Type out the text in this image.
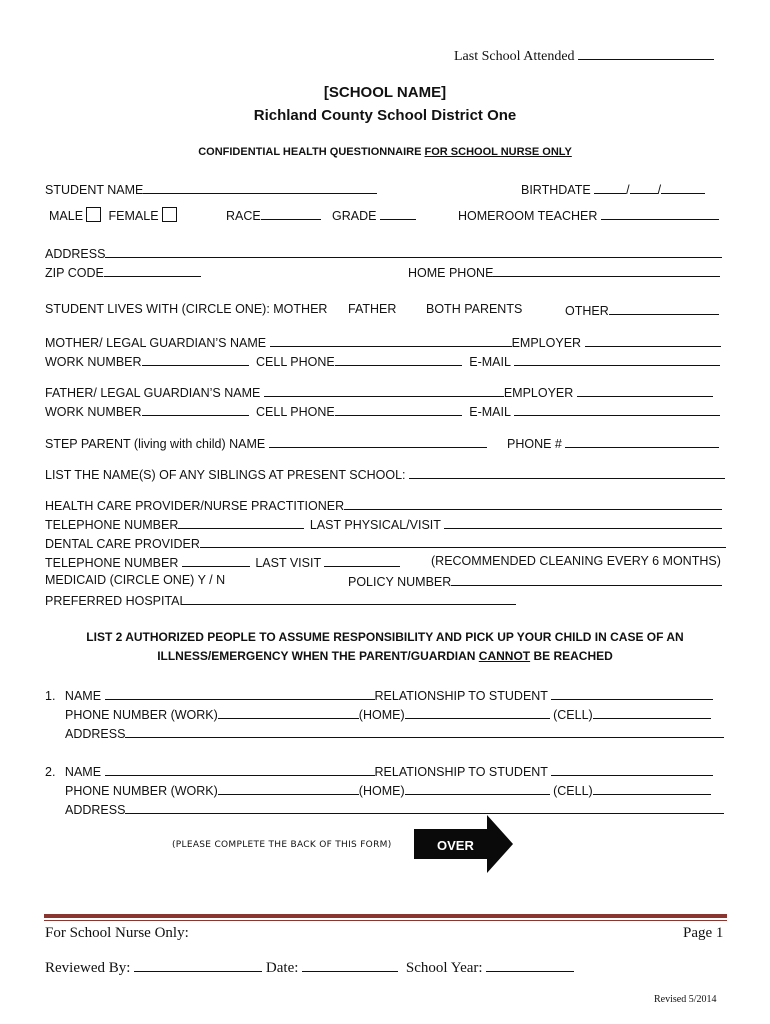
Last School Attended
[SCHOOL NAME]
Richland County School District One
CONFIDENTIAL HEALTH QUESTIONNAIRE FOR SCHOOL NURSE ONLY
STUDENT NAME	BIRTHDATE	/ /
MALE FEMALE	RACE	GRADE	HOMEROOM TEACHER
ADDRESS
ZIP CODE	HOME PHONE
STUDENT LIVES WITH (CIRCLE ONE): MOTHER FATHER BOTH PARENTS	OTHER
MOTHER/ LEGAL GUARDIAN’S NAME	EMPLOYER
WORK NUMBER	CELL PHONE	E-MAIL
FATHER/ LEGAL GUARDIAN’S NAME	EMPLOYER
WORK NUMBER	CELL PHONE	E-MAIL
STEP PARENT (living with child) NAME	PHONE #
LIST THE NAME(S) OF ANY SIBLINGS AT PRESENT SCHOOL:
HEALTH CARE PROVIDER/NURSE PRACTITIONER
TELEPHONE NUMBER	LAST PHYSICAL/VISIT
DENTAL CARE PROVIDER
TELEPHONE NUMBER	LAST VISIT	(RECOMMENDED CLEANING EVERY 6 MONTHS)
MEDICAID (CIRCLE ONE) Y / N	POLICY NUMBER
PREFERRED HOSPITAL
LIST 2 AUTHORIZED PEOPLE TO ASSUME RESPONSIBILITY AND PICK UP YOUR CHILD IN CASE OF AN
ILLNESS/EMERGENCY WHEN THE PARENT/GUARDIAN CANNOT BE REACHED
1. NAME	RELATIONSHIP TO STUDENT
PHONE NUMBER (WORK)	(HOME)	(CELL)
ADDRESS
2. NAME	RELATIONSHIP TO STUDENT
PHONE NUMBER (WORK)	(HOME)	(CELL)
ADDRESS
(PLEASE COMPLETE THE BACK OF THIS FORM)	OVER
For School Nurse Only:	Page 1
Reviewed By:	Date:	School Year:
Revised 5/2014
